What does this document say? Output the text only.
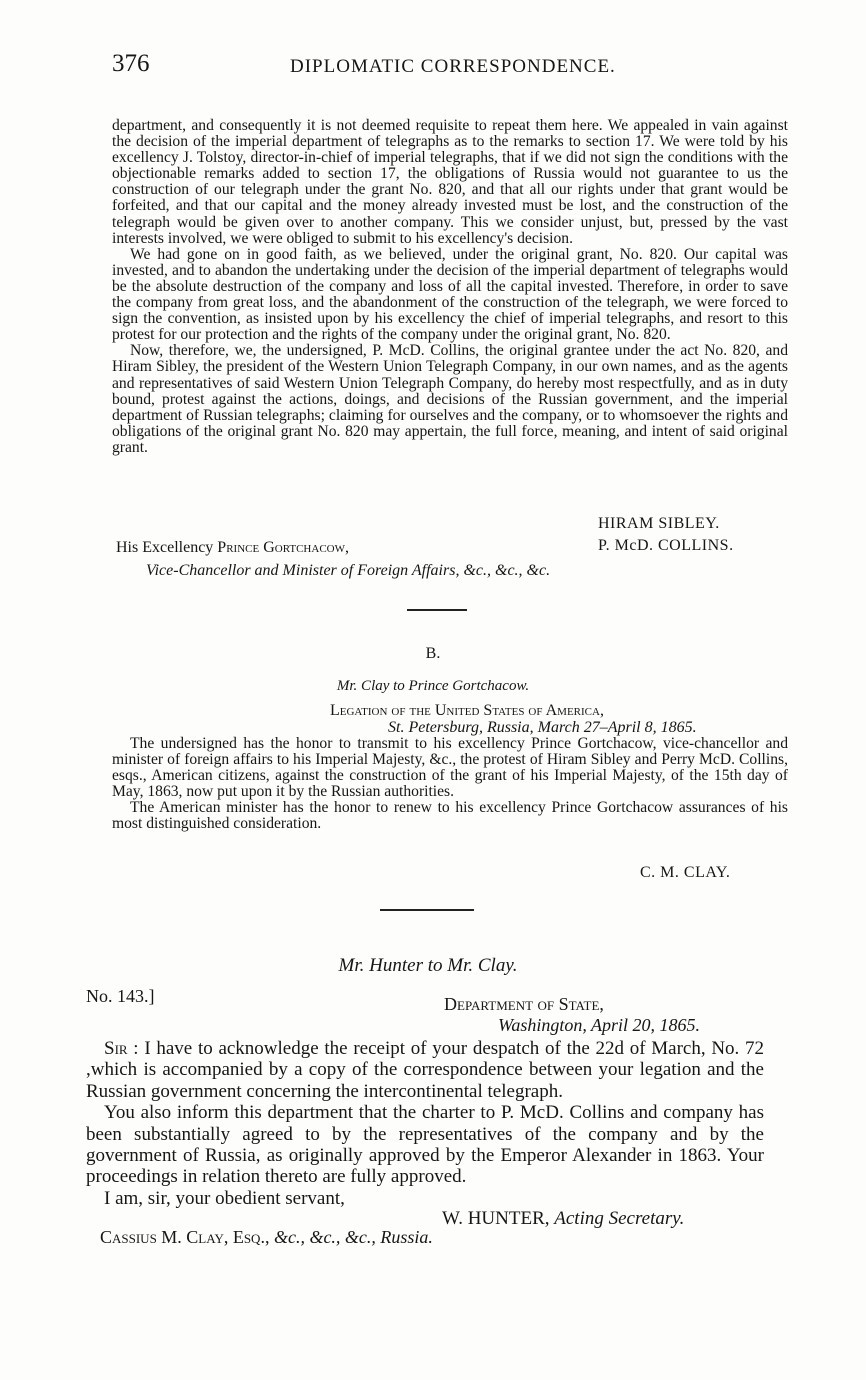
376	DIPLOMATIC CORRESPONDENCE.

department, and consequently it is not deemed requisite to repeat them here. We appealed in vain against the decision of the imperial department of telegraphs as to the remarks to section 17. We were told by his excellency J. Tolstoy, director-in-chief of imperial telegraphs, that if we did not sign the conditions with the objectionable remarks added to section 17, the obligations of Russia would not guarantee to us the construction of our telegraph under the grant No. 820, and that all our rights under that grant would be forfeited, and that our capital and the money already invested must be lost, and the construction of the telegraph would be given over to another company. This we consider unjust, but, pressed by the vast interests involved, we were obliged to submit to his excellency's decision.

We had gone on in good faith, as we believed, under the original grant, No. 820. Our capital was invested, and to abandon the undertaking under the decision of the imperial department of telegraphs would be the absolute destruction of the company and loss of all the capital invested. Therefore, in order to save the company from great loss, and the abandonment of the construction of the telegraph, we were forced to sign the convention, as insisted upon by his excellency the chief of imperial telegraphs, and resort to this protest for our protection and the rights of the company under the original grant, No. 820.

Now, therefore, we, the undersigned, P. McD. Collins, the original grantee under the act No. 820, and Hiram Sibley, the president of the Western Union Telegraph Company, in our own names, and as the agents and representatives of said Western Union Telegraph Company, do hereby most respectfully, and as in duty bound, protest against the actions, doings, and decisions of the Russian government, and the imperial department of Russian telegraphs; claiming for ourselves and the company, or to whomsoever the rights and obligations of the original grant No. 820 may appertain, the full force, meaning, and intent of said original grant.

HIRAM SIBLEY.
P. McD. COLLINS.
His Excellency Prince Gortchacow,
Vice-Chancellor and Minister of Foreign Affairs, &c., &c., &c.
B.
Mr. Clay to Prince Gortchacow.
Legation of the United States of America,
St. Petersburg, Russia, March 27–April 8, 1865.

The undersigned has the honor to transmit to his excellency Prince Gortchacow, vice-chancellor and minister of foreign affairs to his Imperial Majesty, &c., the protest of Hiram Sibley and Perry McD. Collins, esqs., American citizens, against the construction of the grant of his Imperial Majesty, of the 15th day of May, 1863, now put upon it by the Russian authorities.

The American minister has the honor to renew to his excellency Prince Gortchacow assurances of his most distinguished consideration.

C. M. CLAY.
Mr. Hunter to Mr. Clay.
No. 143.]	Department of State,
Washington, April 20, 1865.

Sir : I have to acknowledge the receipt of your despatch of the 22d of March, No. 72 ,which is accompanied by a copy of the correspondence between your legation and the Russian government concerning the intercontinental telegraph.

You also inform this department that the charter to P. McD. Collins and company has been substantially agreed to by the representatives of the company and by the government of Russia, as originally approved by the Emperor Alexander in 1863. Your proceedings in relation thereto are fully approved.

I am, sir, your obedient servant,

W. HUNTER, Acting Secretary.
Cassius M. Clay, Esq., &c., &c., &c., Russia.
